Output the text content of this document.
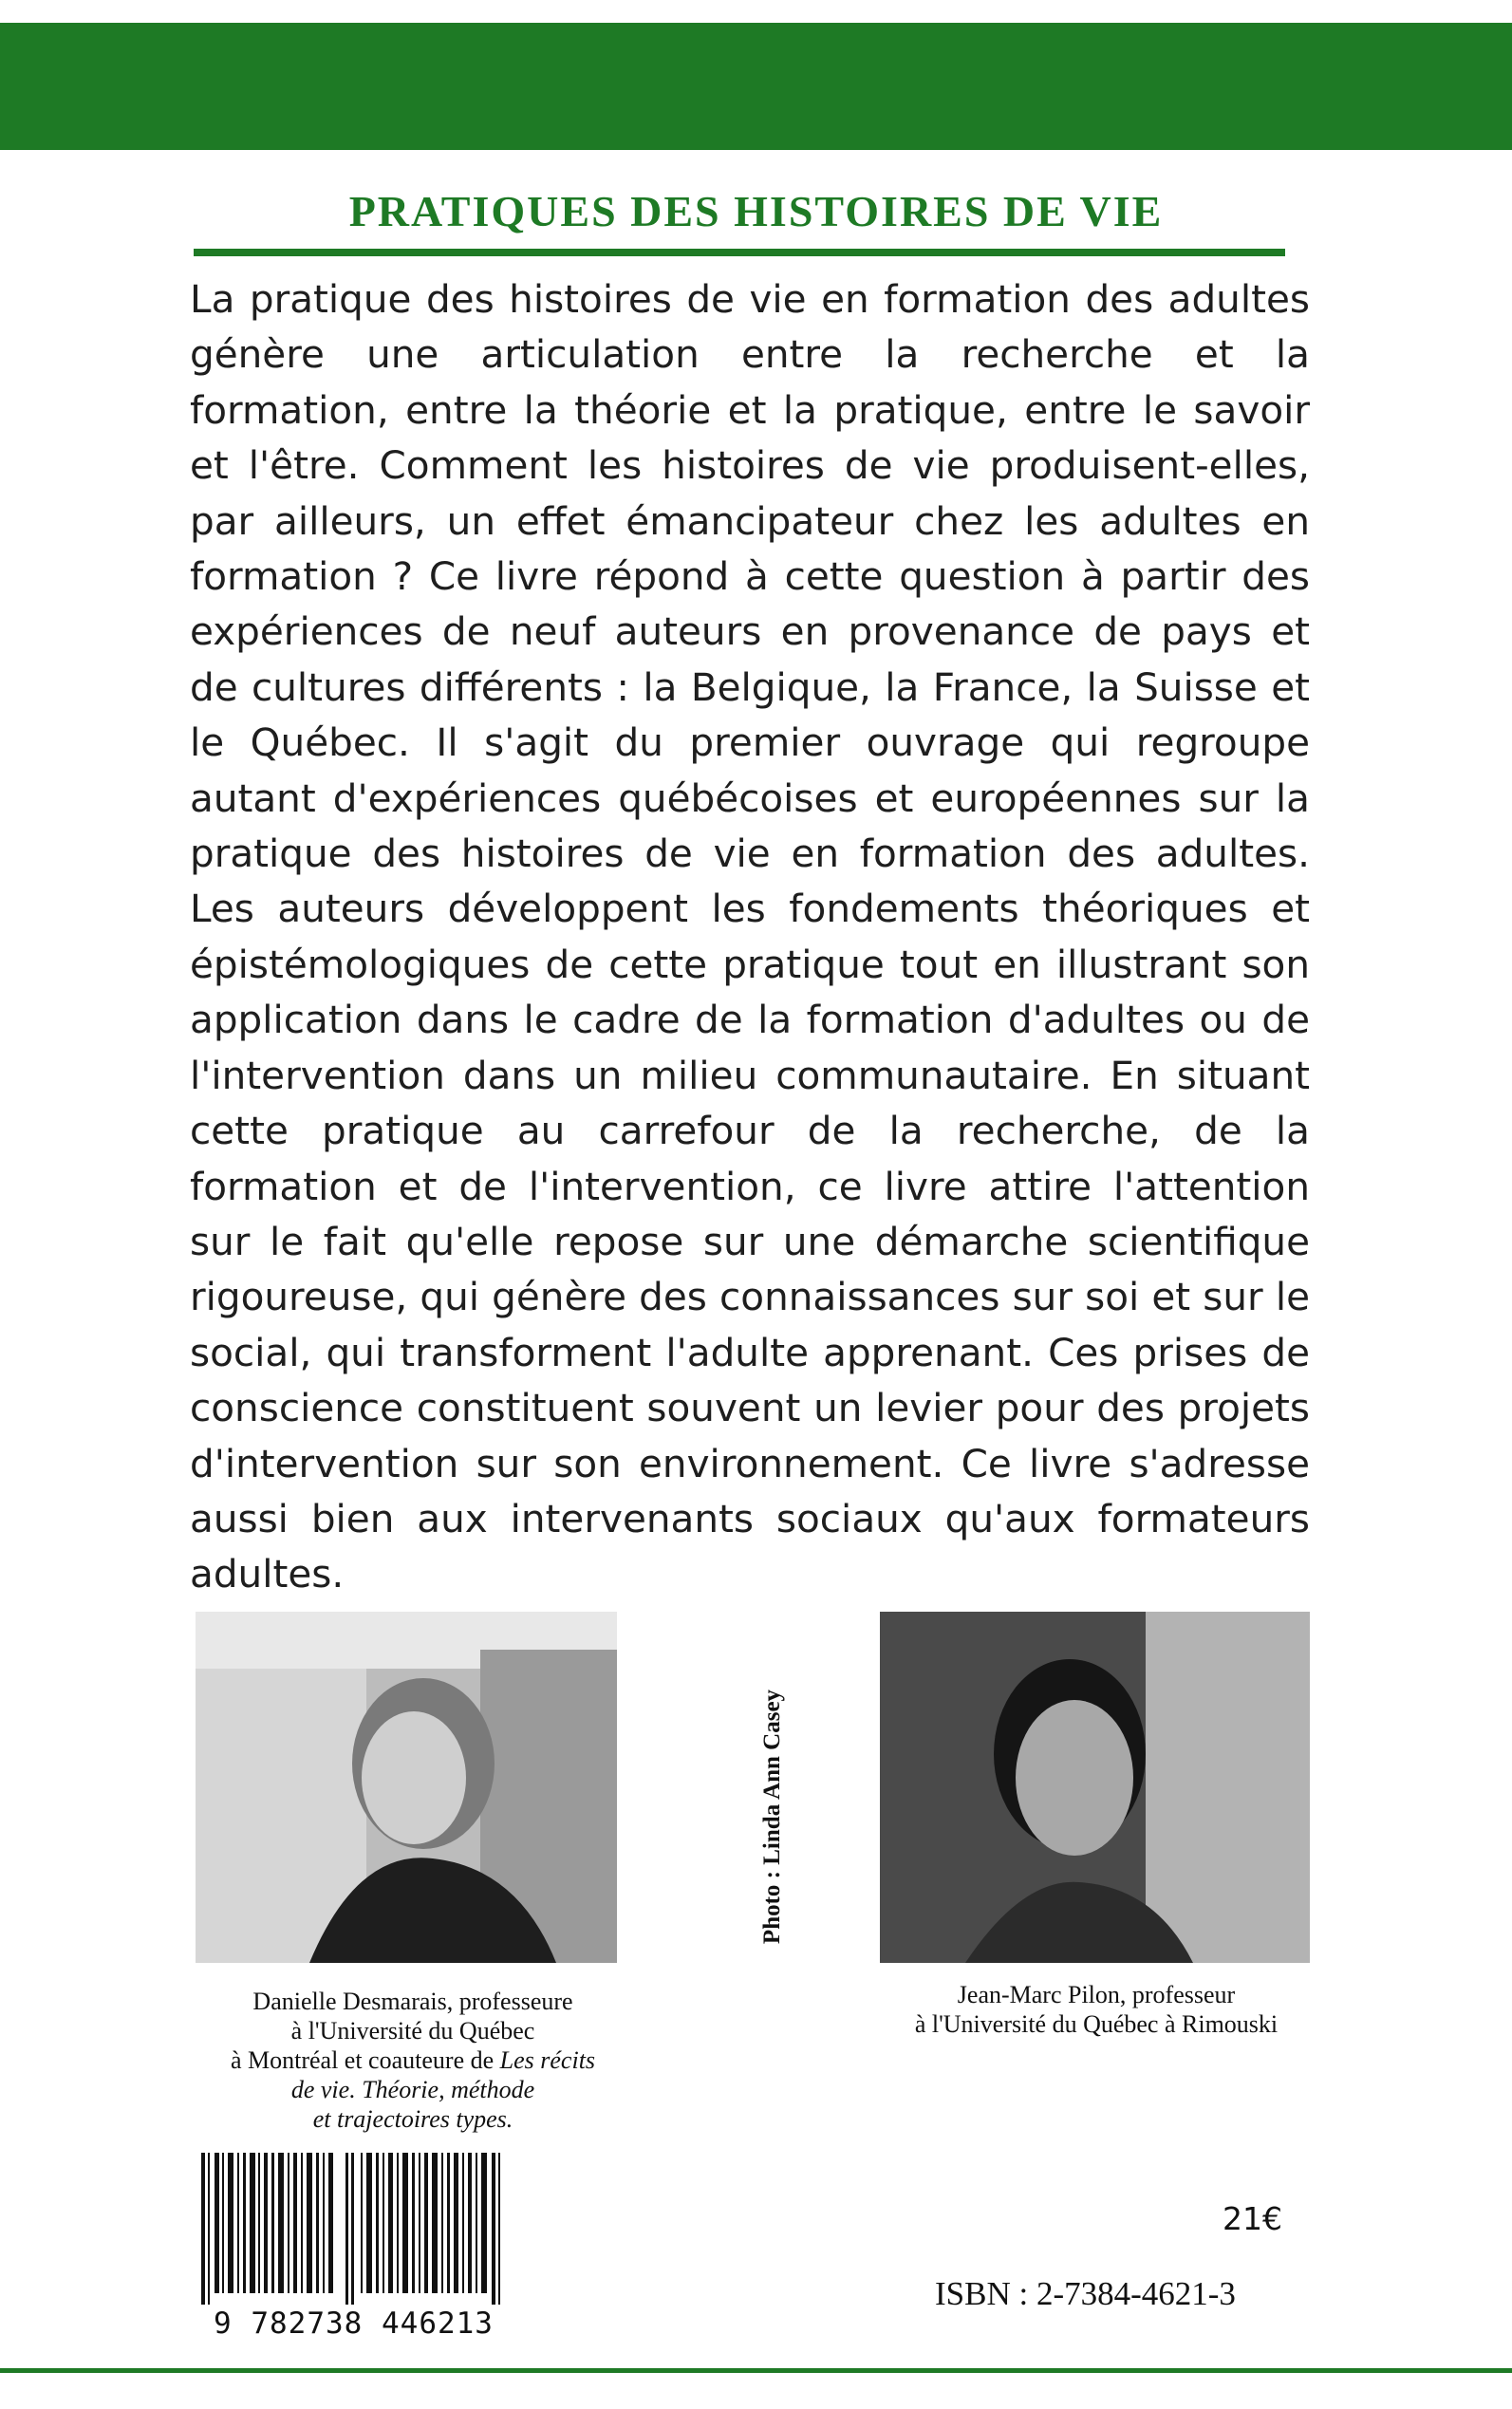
PRATIQUES DES HISTOIRES DE VIE

La pratique des histoires de vie en formation des adultes génère une articulation entre la recherche et la formation, entre la théorie et la pratique, entre le savoir et l'être. Comment les histoires de vie produisent-elles, par ailleurs, un effet émancipateur chez les adultes en formation ? Ce livre répond à cette question à partir des expériences de neuf auteurs en provenance de pays et de cultures différents : la Belgique, la France, la Suisse et le Québec. Il s'agit du premier ouvrage qui regroupe autant d'expériences québécoises et européennes sur la pratique des histoires de vie en formation des adultes. Les auteurs développent les fondements théoriques et épistémologiques de cette pratique tout en illustrant son application dans le cadre de la formation d'adultes ou de l'intervention dans un milieu communautaire. En situant cette pratique au carrefour de la recherche, de la formation et de l'intervention, ce livre attire l'attention sur le fait qu'elle repose sur une démarche scientifique rigoureuse, qui génère des connaissances sur soi et sur le social, qui transforment l'adulte apprenant. Ces prises de conscience constituent souvent un levier pour des projets d'intervention sur son environnement. Ce livre s'adresse aussi bien aux intervenants sociaux qu'aux formateurs adultes.

Photo : Linda Ann Casey
Danielle Desmarais, professeure
à l'Université du Québec
à Montréal et coauteure de Les récits
de vie. Théorie, méthode
et trajectoires types.
Jean-Marc Pilon, professeur
à l'Université du Québec à Rimouski
9 782738 446213
21€
ISBN : 2-7384-4621-3
